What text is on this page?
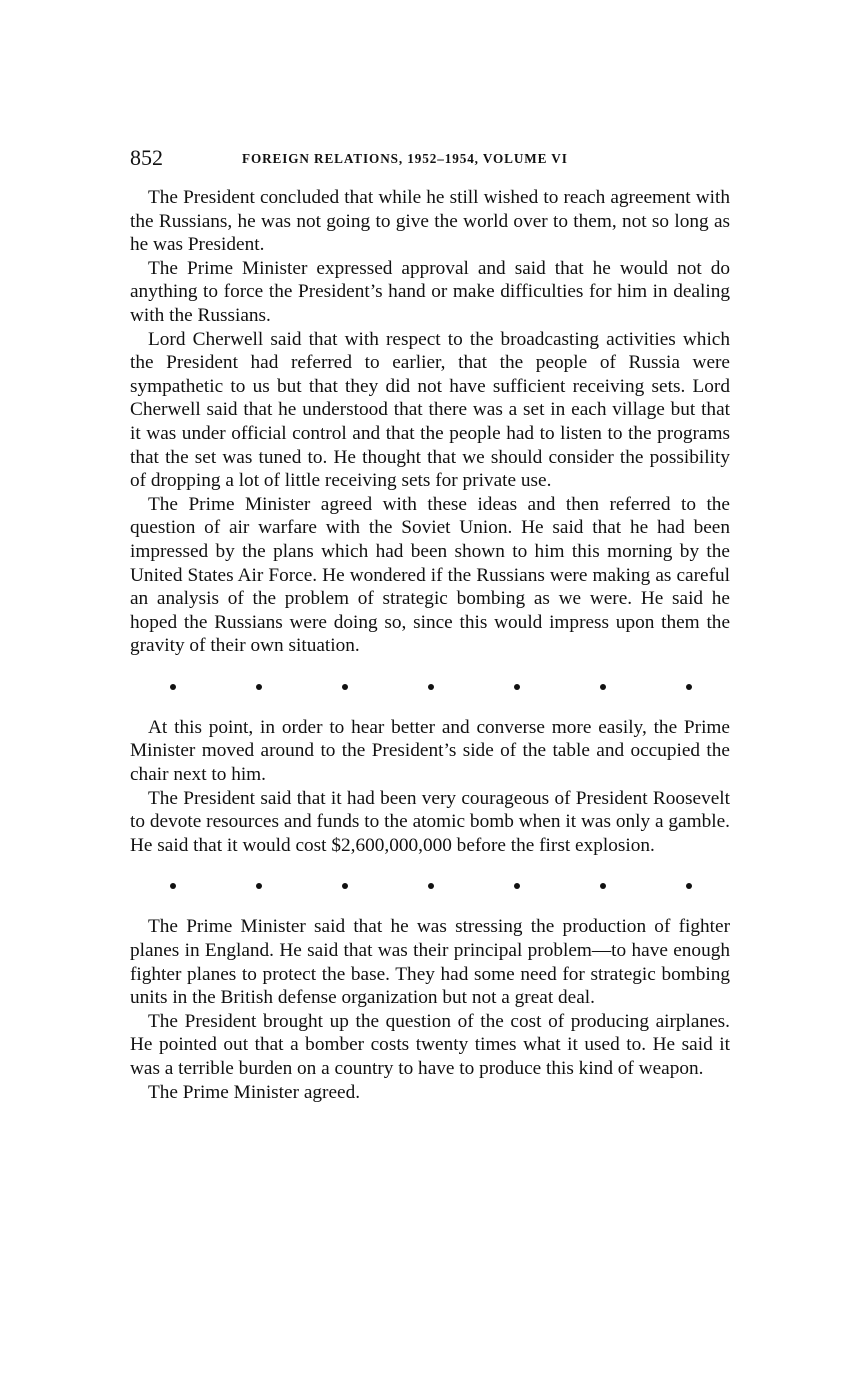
852	FOREIGN RELATIONS, 1952–1954, VOLUME VI

The President concluded that while he still wished to reach agreement with the Russians, he was not going to give the world over to them, not so long as he was President.

The Prime Minister expressed approval and said that he would not do anything to force the President’s hand or make difficulties for him in dealing with the Russians.

Lord Cherwell said that with respect to the broadcasting activities which the President had referred to earlier, that the people of Russia were sympathetic to us but that they did not have sufficient receiving sets. Lord Cherwell said that he understood that there was a set in each village but that it was under official control and that the people had to listen to the programs that the set was tuned to. He thought that we should consider the possibility of dropping a lot of little receiving sets for private use.

The Prime Minister agreed with these ideas and then referred to the question of air warfare with the Soviet Union. He said that he had been impressed by the plans which had been shown to him this morning by the United States Air Force. He wondered if the Russians were making as careful an analysis of the problem of strategic bombing as we were. He said he hoped the Russians were doing so, since this would impress upon them the gravity of their own situation.

At this point, in order to hear better and converse more easily, the Prime Minister moved around to the President’s side of the table and occupied the chair next to him.

The President said that it had been very courageous of President Roosevelt to devote resources and funds to the atomic bomb when it was only a gamble. He said that it would cost $2,600,000,000 before the first explosion.

The Prime Minister said that he was stressing the production of fighter planes in England. He said that was their principal problem—to have enough fighter planes to protect the base. They had some need for strategic bombing units in the British defense organization but not a great deal.

The President brought up the question of the cost of producing airplanes. He pointed out that a bomber costs twenty times what it used to. He said it was a terrible burden on a country to have to produce this kind of weapon.

The Prime Minister agreed.
